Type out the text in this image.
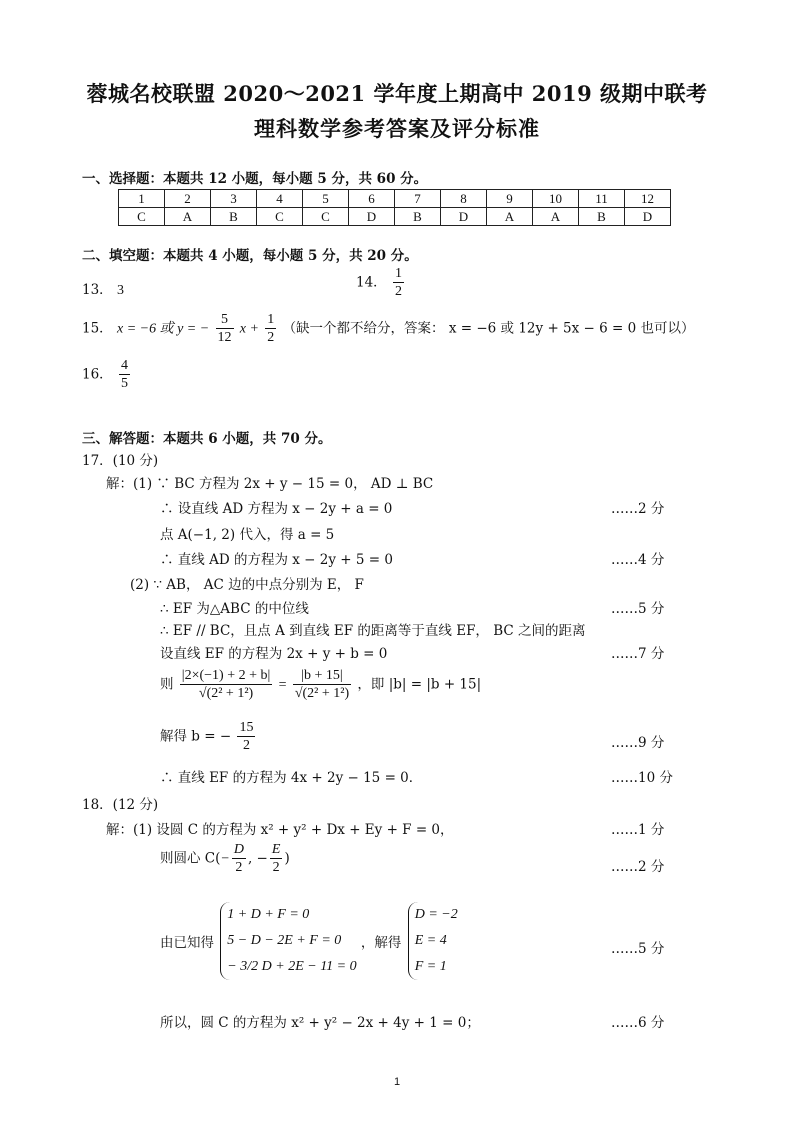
蓉城名校联盟 2020～2021 学年度上期高中 2019 级期中联考
理科数学参考答案及评分标准
一、选择题：本题共 12 小题，每小题 5 分，共 60 分。
1	2	3	4	5	6	7	8	9	10	11	12
C	A	B	C	C	D	B	D	A	A	B	D
二、填空题：本题共 4 小题，每小题 5 分，共 20 分。
13． 3	14． $\frac{1}{2}$
15． x = −6 或 y = − $\frac{5}{12}$ $x + \frac{1}{2}$ （缺一个都不给分，答案： x = −6 或 12y + 5x − 6 = 0 也可以）
16． $\frac{4}{5}$
三、解答题：本题共 6 小题，共 70 分。
17．(10 分)
解：(1) ∵ BC 方程为 2x + y − 15 = 0， AD ⊥ BC
∴ 设直线 AD 方程为 x − 2y + a = 0	……2 分
点 A(−1, 2) 代入，得 a = 5
∴ 直线 AD 的方程为 x − 2y + 5 = 0	……4 分
(2) ∵ AB， AC 边的中点分别为 E， F
∴ EF 为△ABC 的中位线	……5 分
∴ EF // BC，且点 A 到直线 EF 的距离等于直线 EF， BC 之间的距离
设直线 EF 的方程为 2x + y + b = 0	……7 分
则 $\frac{|2\times(-1) + 2 + b|}{\text{√(2² + 1²)}} = \frac{|b + 15|}{\text{√(2² + 1²)}}$ ，即 |b| = |b + 15|
解得 b = − $\frac{15}{2}$	……9 分
∴ 直线 EF 的方程为 4x + 2y − 15 = 0．	……10 分
18．(12 分)
解：(1) 设圆 C 的方程为 x² + y² + Dx + Ey + F = 0，	……1 分
则圆心 $C(- \frac{D}{2}$ , − $\frac{E}{2}$ )
……2 分
由已知得
1 + D + F = 0
5 − D − 2E + F = 0
− 3/2 D + 2E − 11 = 0
，解得
D = −2
E = 4
F = 1
……5 分
所以，圆 C 的方程为 x² + y² − 2x + 4y + 1 = 0；	……6 分
1
